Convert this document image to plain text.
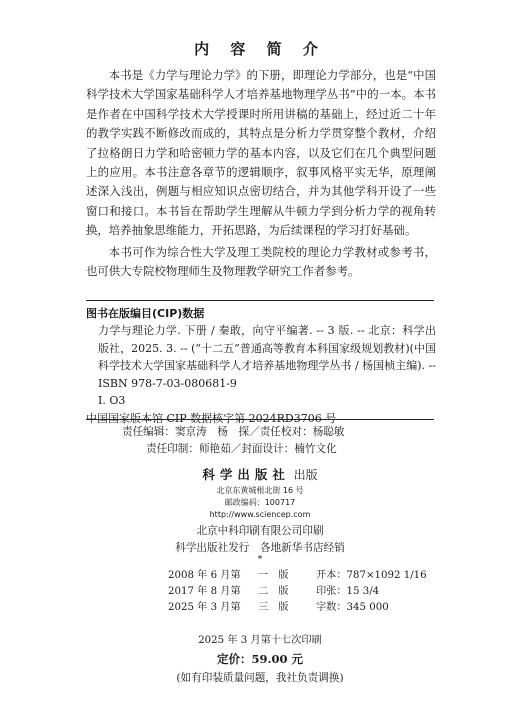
内 容 简 介

本书是《力学与理论力学》的下册，即理论力学部分，也是“中国科学技术大学国家基础科学人才培养基地物理学丛书”中的一本。本书是作者在中国科学技术大学授课时所用讲稿的基础上，经过近二十年的教学实践不断修改而成的，其特点是分析力学贯穿整个教材，介绍了拉格朗日力学和哈密顿力学的基本内容，以及它们在几个典型问题上的应用。本书注意各章节的逻辑顺序，叙事风格平实无华，原理阐述深入浅出，例题与相应知识点密切结合，并为其他学科开设了一些窗口和接口。本书旨在帮助学生理解从牛顿力学到分析力学的视角转换，培养抽象思维能力，开拓思路，为后续课程的学习打好基础。

本书可作为综合性大学及理工类院校的理论力学教材或参考书，也可供大专院校物理师生及物理教学研究工作者参考。

图书在版编目(CIP)数据
力学与理论力学. 下册 / 秦敢，向守平编著. -- 3 版. -- 北京：科学出版社，2025. 3. -- (“十二五”普通高等教育本科国家级规划教材)(中国科学技术大学国家基础科学人才培养基地物理学丛书 / 杨国桢主编). -- ISBN 978-7-03-080681-9
Ⅰ. O3
中国国家版本馆 CIP 数据核字第 2024RD3706 号
责任编辑：窦京涛　杨　探／责任校对：杨聪敏
责任印制：师艳茹／封面设计：楠竹文化
科学出版社 出版
北京东黄城根北街 16 号
邮政编码：100717
http://www.sciencep.com
北京中科印刷有限公司印刷
科学出版社发行　各地新华书店经销
*
2008 年 6 月第 一　版	开本：787×1092 1/16
2017 年 8 月第 二　版	印张：15 3/4
2025 年 3 月第 三　版	字数：345 000
2025 年 3 月第十七次印刷
定价：59.00 元
(如有印装质量问题，我社负责调换)
